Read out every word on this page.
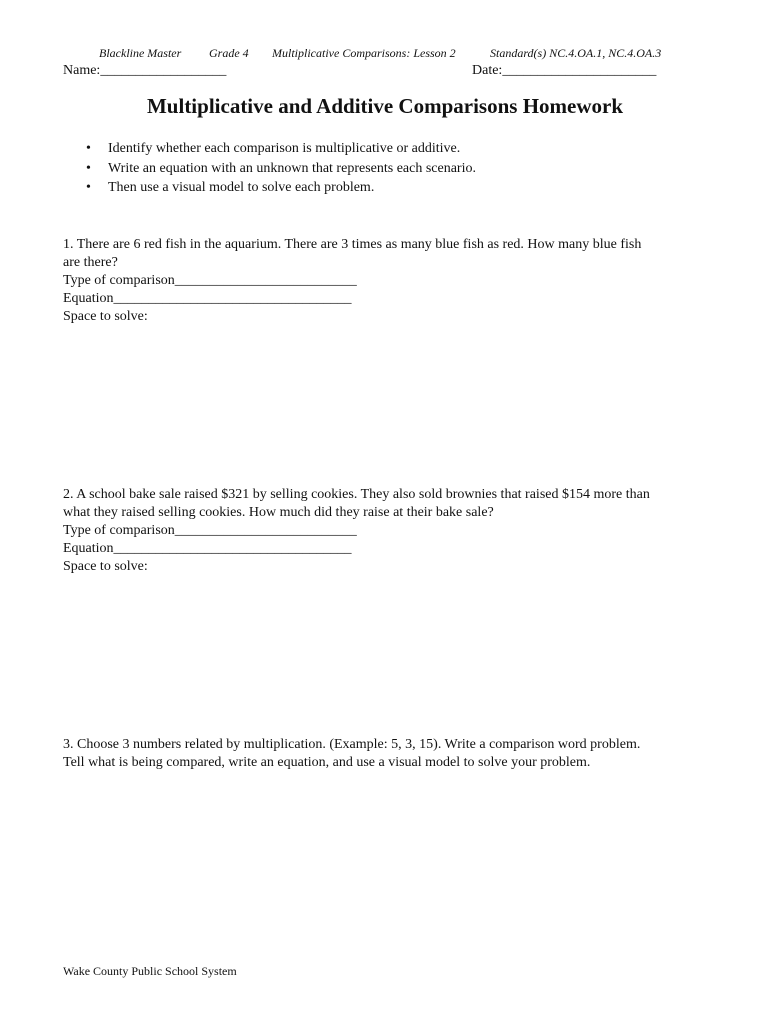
Blackline Master Grade 4 Multiplicative Comparisons: Lesson 2	Standard(s) NC.4.OA.1, NC.4.OA.3
Name:__________________	Date:______________________
Multiplicative and Additive Comparisons Homework
• Identify whether each comparison is multiplicative or additive.
• Write an equation with an unknown that represents each scenario.
• Then use a visual model to solve each problem.
1. There are 6 red fish in the aquarium. There are 3 times as many blue fish as red. How many blue fish
are there?
Type of comparison__________________________
Equation__________________________________
Space to solve:
2. A school bake sale raised $321 by selling cookies. They also sold brownies that raised $154 more than
what they raised selling cookies. How much did they raise at their bake sale?
Type of comparison__________________________
Equation__________________________________
Space to solve:
3. Choose 3 numbers related by multiplication. (Example: 5, 3, 15). Write a comparison word problem.
Tell what is being compared, write an equation, and use a visual model to solve your problem.
Wake County Public School System
